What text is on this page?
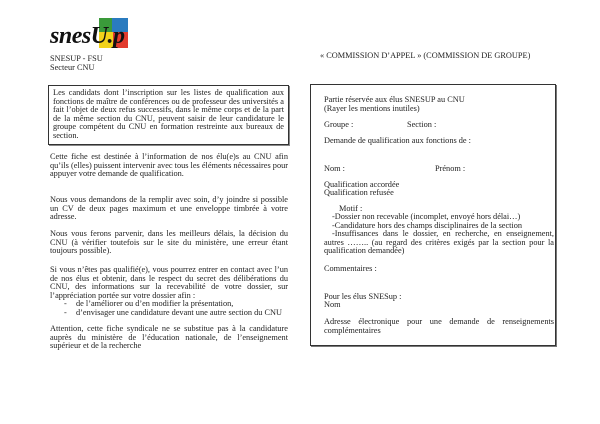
snesU.p
SNESUP - FSU
Secteur CNU
Les candidats dont l’inscription sur les listes de qualification aux fonctions de maître de conférences ou de professeur des universités a fait l’objet de deux refus successifs, dans le même corps et de la part de la même section du CNU, peuvent saisir de leur candidature le groupe compétent du CNU en formation restreinte aux bureaux de section.
Cette fiche est destinée à l’information de nos élu(e)s au CNU afin qu’ils (elles) puissent intervenir avec tous les éléments nécessaires pour appuyer votre demande de qualification.
Nous vous demandons de la remplir avec soin, d’y joindre si possible un CV de deux pages maximum et une enveloppe timbrée à votre adresse.
Nous vous ferons parvenir, dans les meilleurs délais, la décision du CNU (à vérifier toutefois sur le site du ministère, une erreur étant toujours possible).

Si vous n’êtes pas qualifié(e), vous pourrez entrer en contact avec l’un de nos élus et obtenir, dans le respect du secret des délibérations du CNU, des informations sur la recevabilité de votre dossier, sur l’appréciation portée sur votre dossier afin :

- de l’améliorer ou d’en modifier la présentation,
- d’envisager une candidature devant une autre section du CNU
Attention, cette fiche syndicale ne se substitue pas à la candidature auprès du ministère de l’éducation nationale, de l’enseignement supérieur et de la recherche
« COMMISSION D’APPEL » (COMMISSION DE GROUPE)
Partie réservée aux élus SNESUP au CNU
(Rayer les mentions inutiles)
Groupe :	Section :
Demande de qualification aux fonctions de :
Nom :	Prénom :
Qualification accordée
Qualification refusée
Motif :
-Dossier non recevable (incomplet, envoyé hors délai…)
-Candidature hors des champs disciplinaires de la section
-Insuffisances dans le dossier, en recherche, en enseignement, autres …….. (au regard des critères exigés par la section pour la qualification demandée)
Commentaires :
Pour les élus SNESup :
Nom
Adresse électronique pour une demande de renseignements complémentaires
